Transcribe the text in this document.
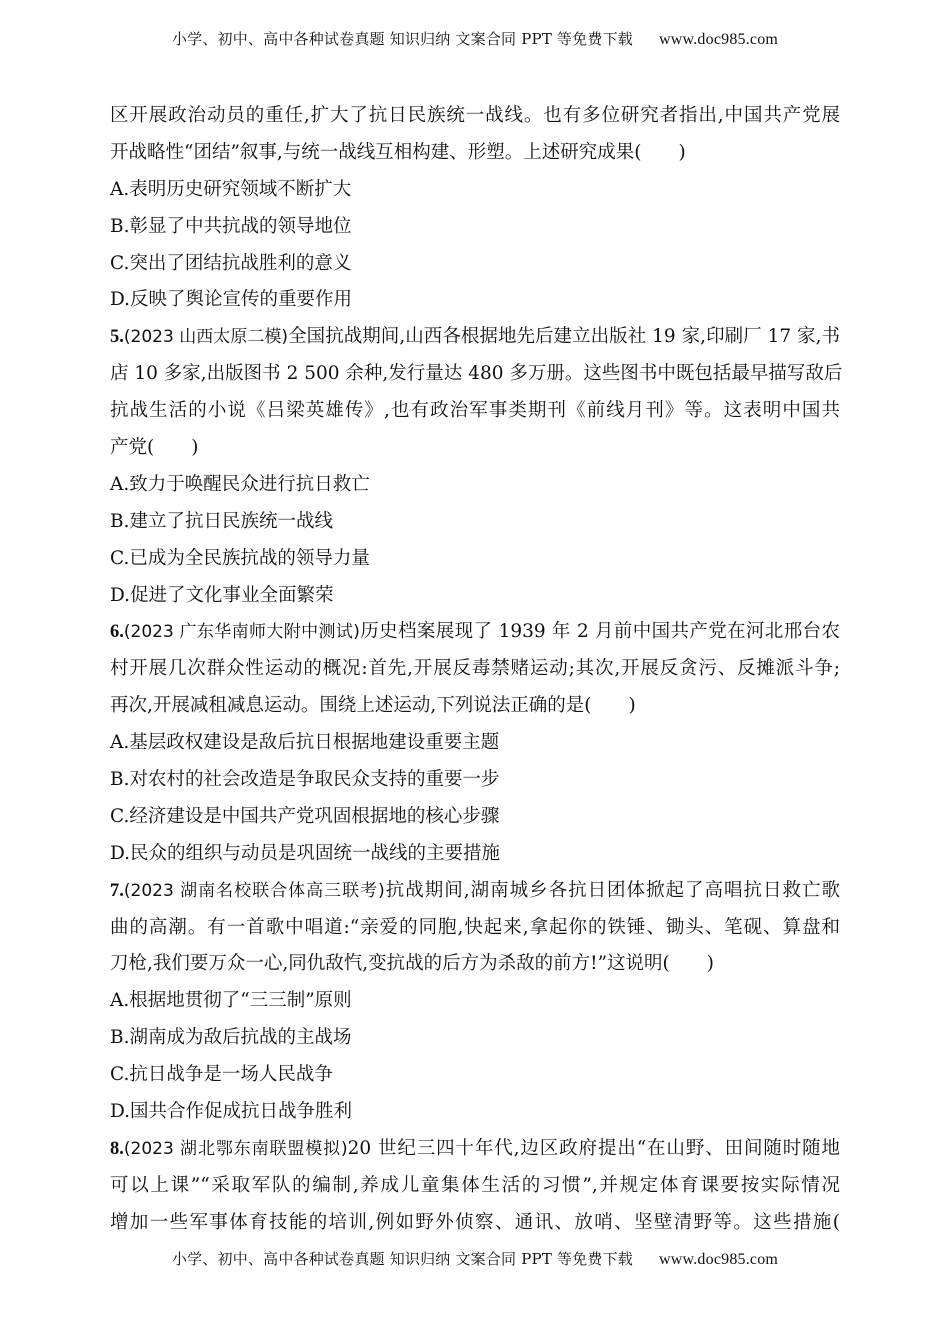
小学、初中、高中各种试卷真题 知识归纳 文案合同 PPT 等免费下载 www.doc985.com
区开展政治动员的重任,扩大了抗日民族统一战线。也有多位研究者指出,中国共产党展
开战略性“团结”叙事,与统一战线互相构建、形塑。上述研究成果(　　)
A.表明历史研究领域不断扩大
B.彰显了中共抗战的领导地位
C.突出了团结抗战胜利的意义
D.反映了舆论宣传的重要作用
5.(2023 山西太原二模)全国抗战期间,山西各根据地先后建立出版社 19 家,印刷厂 17 家,书
店 10 多家,出版图书 2 500 余种,发行量达 480 多万册。这些图书中既包括最早描写敌后
抗战生活的小说《吕梁英雄传》,也有政治军事类期刊《前线月刊》等。这表明中国共
产党(　　)
A.致力于唤醒民众进行抗日救亡
B.建立了抗日民族统一战线
C.已成为全民族抗战的领导力量
D.促进了文化事业全面繁荣
6.(2023 广东华南师大附中测试)历史档案展现了 1939 年 2 月前中国共产党在河北邢台农
村开展几次群众性运动的概况:首先,开展反毒禁赌运动;其次,开展反贪污、反摊派斗争;
再次,开展减租减息运动。围绕上述运动,下列说法正确的是(　　)
A.基层政权建设是敌后抗日根据地建设重要主题
B.对农村的社会改造是争取民众支持的重要一步
C.经济建设是中国共产党巩固根据地的核心步骤
D.民众的组织与动员是巩固统一战线的主要措施
7.(2023 湖南名校联合体高三联考)抗战期间,湖南城乡各抗日团体掀起了高唱抗日救亡歌
曲的高潮。有一首歌中唱道:“亲爱的同胞,快起来,拿起你的铁锤、锄头、笔砚、算盘和
刀枪,我们要万众一心,同仇敌忾,变抗战的后方为杀敌的前方!”这说明(　　)
A.根据地贯彻了“三三制”原则
B.湖南成为敌后抗战的主战场
C.抗日战争是一场人民战争
D.国共合作促成抗日战争胜利
8.(2023 湖北鄂东南联盟模拟)20 世纪三四十年代,边区政府提出“在山野、田间随时随地
可以上课”“采取军队的编制,养成儿童集体生活的习惯”,并规定体育课要按实际情况
增加一些军事体育技能的培训,例如野外侦察、通讯、放哨、坚壁清野等。这些措施(
小学、初中、高中各种试卷真题 知识归纳 文案合同 PPT 等免费下载 www.doc985.com
